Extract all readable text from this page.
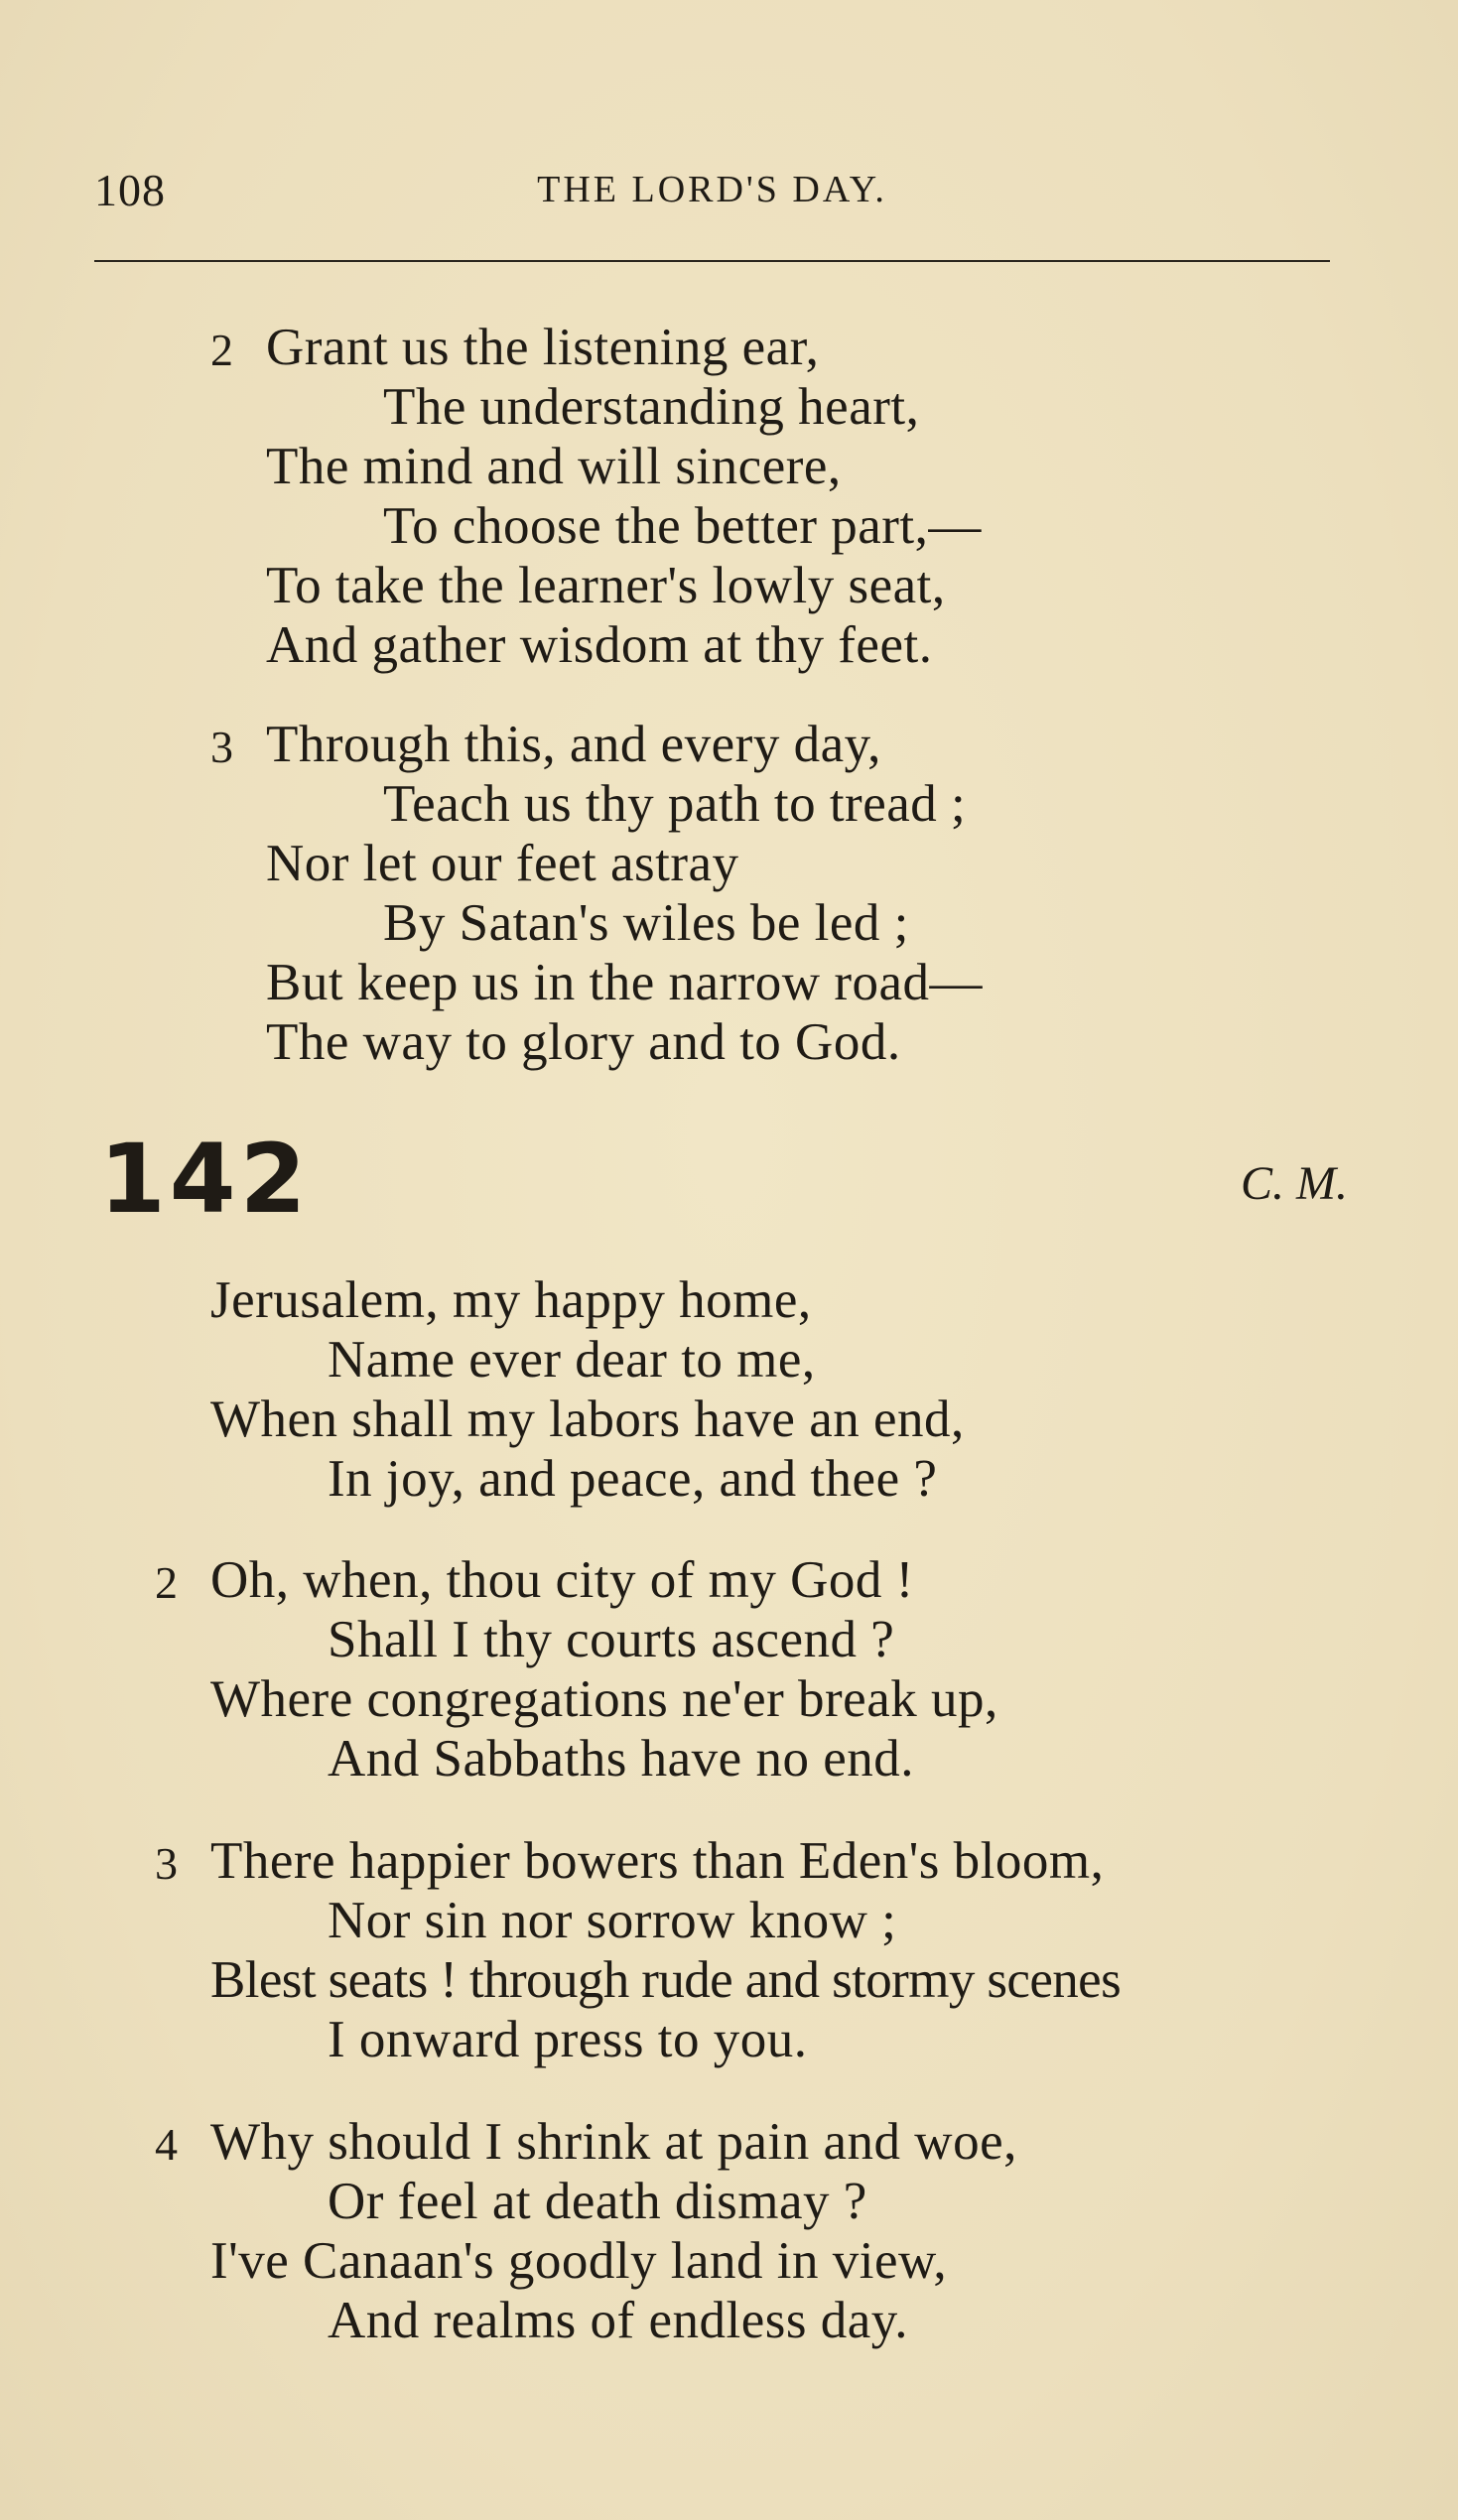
108	THE LORD'S DAY.
2 Grant us the listening ear,
The understanding heart,
The mind and will sincere,
To choose the better part,—
To take the learner's lowly seat,
And gather wisdom at thy feet.
3 Through this, and every day,
Teach us thy path to tread ;
Nor let our feet astray
By Satan's wiles be led ;
But keep us in the narrow road—
The way to glory and to God.
142	C. M.
Jerusalem, my happy home,
Name ever dear to me,
When shall my labors have an end,
In joy, and peace, and thee ?
2 Oh, when, thou city of my God !
Shall I thy courts ascend ?
Where congregations ne'er break up,
And Sabbaths have no end.
3 There happier bowers than Eden's bloom,
Nor sin nor sorrow know ;
Blest seats ! through rude and stormy scenes
I onward press to you.
4 Why should I shrink at pain and woe,
Or feel at death dismay ?
I've Canaan's goodly land in view,
And realms of endless day.
